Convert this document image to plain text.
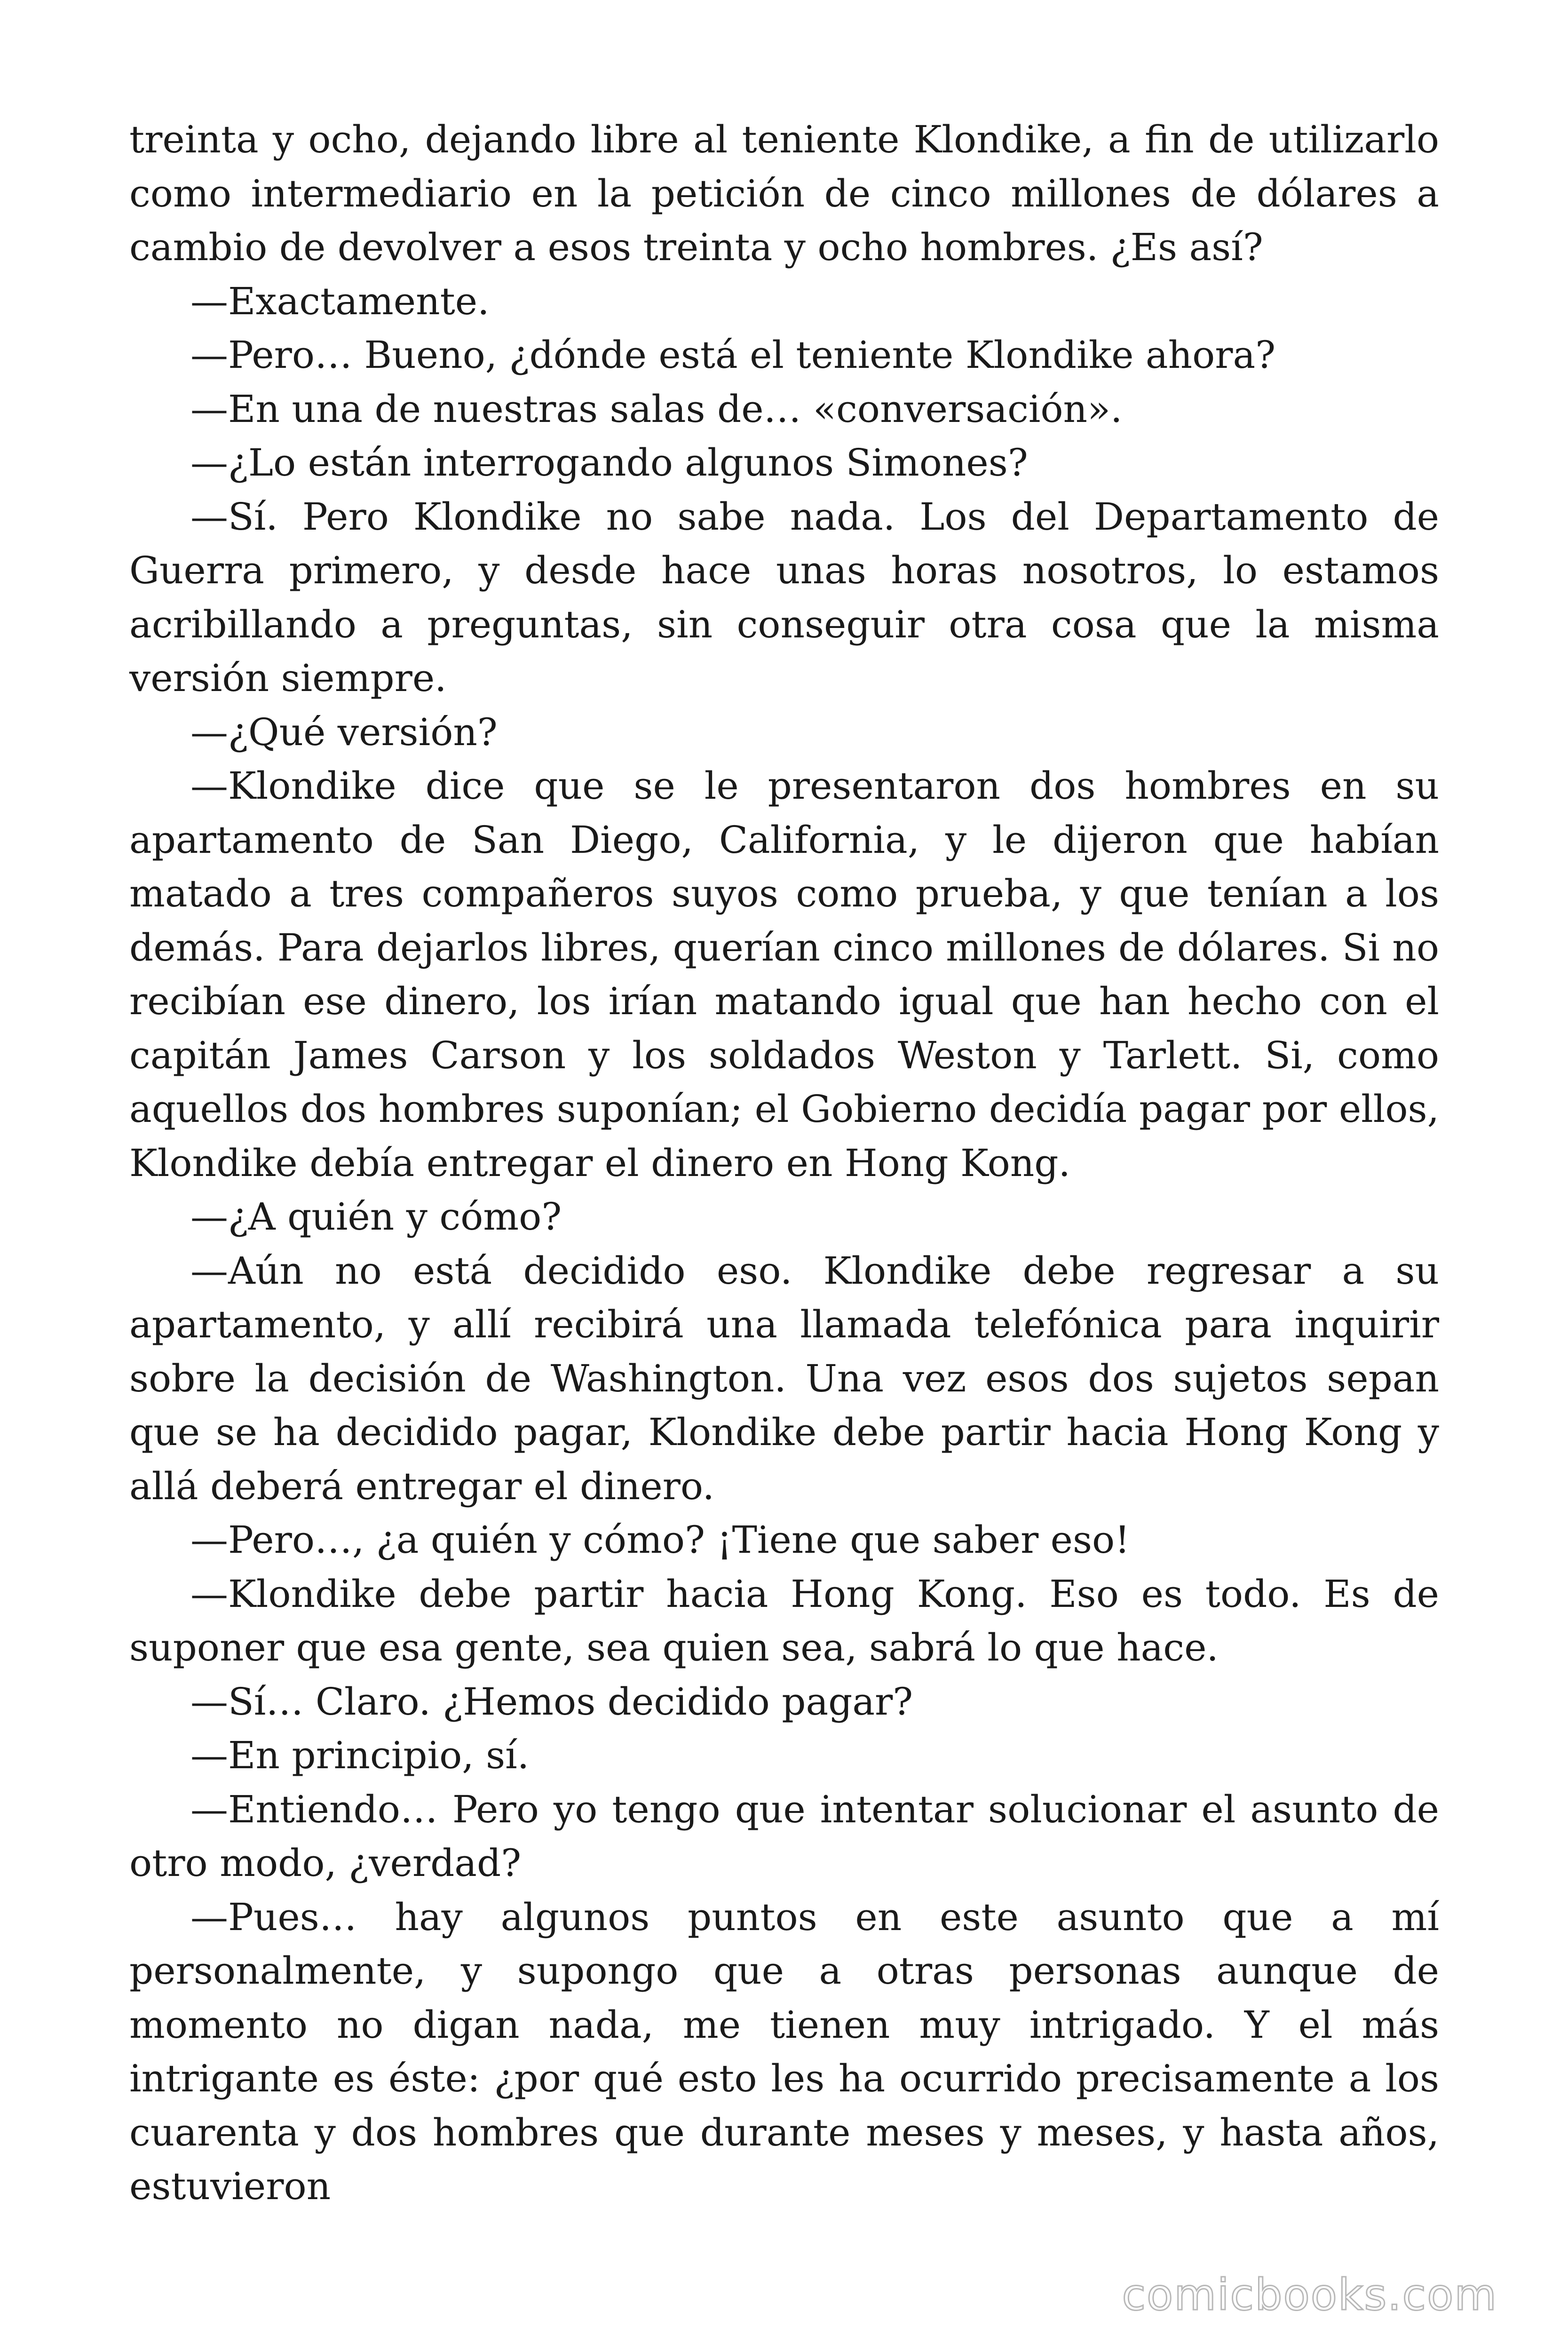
treinta y ocho, dejando libre al teniente Klondike, a fin de utilizarlo como intermediario en la petición de cinco millones de dólares a cambio de devolver a esos treinta y ocho hombres. ¿Es así?

—Exactamente.

—Pero… Bueno, ¿dónde está el teniente Klondike ahora?

—En una de nuestras salas de… «conversación».

—¿Lo están interrogando algunos Simones?

—Sí. Pero Klondike no sabe nada. Los del Departamento de Guerra primero, y desde hace unas horas nosotros, lo estamos acribillando a preguntas, sin conseguir otra cosa que la misma versión siempre.

—¿Qué versión?

—Klondike dice que se le presentaron dos hombres en su apartamento de San Diego, California, y le dijeron que habían matado a tres compañeros suyos como prueba, y que tenían a los demás. Para dejarlos libres, querían cinco millones de dólares. Si no recibían ese dinero, los irían matando igual que han hecho con el capitán James Carson y los soldados Weston y Tarlett. Si, como aquellos dos hombres suponían; el Gobierno decidía pagar por ellos, Klondike debía entregar el dinero en Hong Kong.

—¿A quién y cómo?

—Aún no está decidido eso. Klondike debe regresar a su apartamento, y allí recibirá una llamada telefónica para inquirir sobre la decisión de Washington. Una vez esos dos sujetos sepan que se ha decidido pagar, Klondike debe partir hacia Hong Kong y allá deberá entregar el dinero.

—Pero…, ¿a quién y cómo? ¡Tiene que saber eso!

—Klondike debe partir hacia Hong Kong. Eso es todo. Es de suponer que esa gente, sea quien sea, sabrá lo que hace.

—Sí… Claro. ¿Hemos decidido pagar?

—En principio, sí.

—Entiendo… Pero yo tengo que intentar solucionar el asunto de otro modo, ¿verdad?

—Pues… hay algunos puntos en este asunto que a mí personalmente, y supongo que a otras personas aunque de momento no digan nada, me tienen muy intrigado. Y el más intrigante es éste: ¿por qué esto les ha ocurrido precisamente a los cuarenta y dos hombres que durante meses y meses, y hasta años, estuvieron

comicbooks.com
